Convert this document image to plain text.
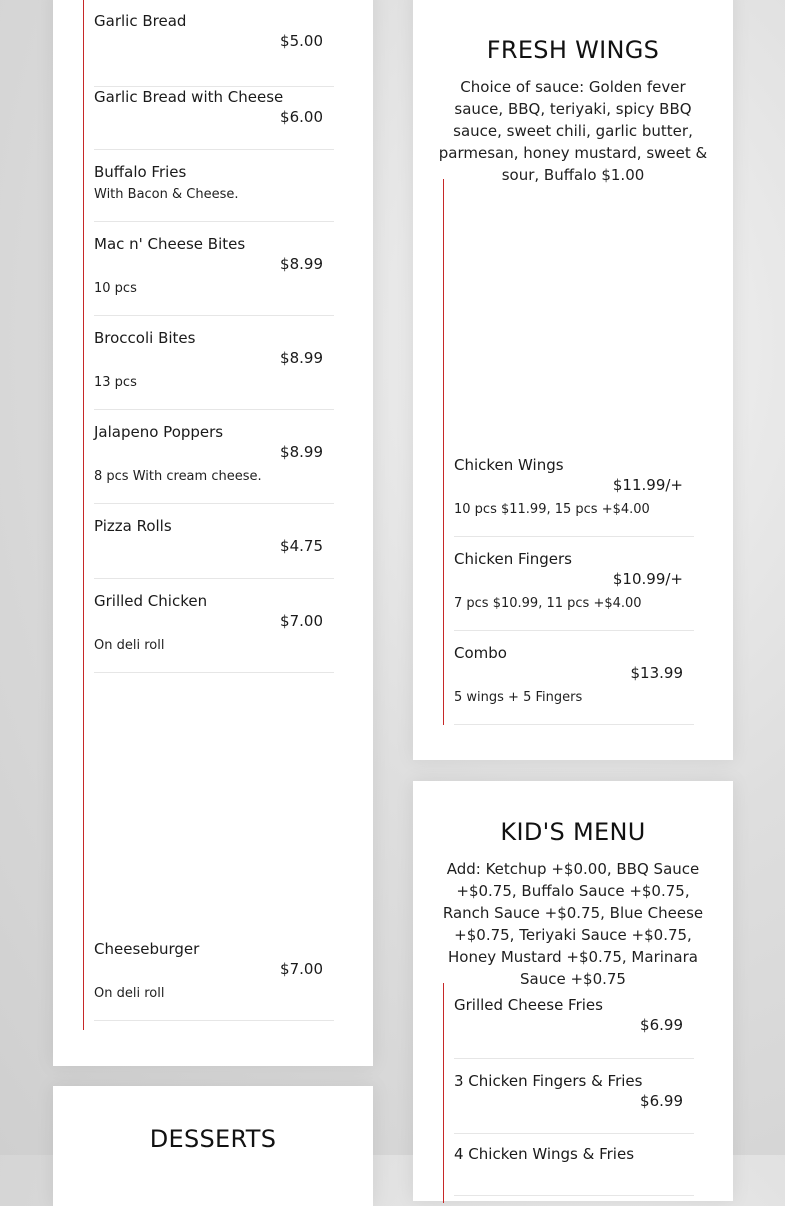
Garlic Bread
$5.00
Garlic Bread with Cheese
$6.00
Buffalo Fries
With Bacon & Cheese.
Mac n' Cheese Bites
$8.99
10 pcs
Broccoli Bites
$8.99
13 pcs
Jalapeno Poppers
$8.99
8 pcs With cream cheese.
Pizza Rolls
$4.75
Grilled Chicken
$7.00
On deli roll
Cheeseburger
$7.00
On deli roll
FRESH WINGS
Choice of sauce: Golden fever sauce, BBQ, teriyaki, spicy BBQ sauce, sweet chili, garlic butter, parmesan, honey mustard, sweet & sour, Buffalo $1.00
Chicken Wings
$11.99/+
10 pcs $11.99, 15 pcs +$4.00
Chicken Fingers
$10.99/+
7 pcs $10.99, 11 pcs +$4.00
Combo
$13.99
5 wings + 5 Fingers
KID'S MENU
Add: Ketchup +$0.00, BBQ Sauce +$0.75, Buffalo Sauce +$0.75, Ranch Sauce +$0.75, Blue Cheese +$0.75, Teriyaki Sauce +$0.75, Honey Mustard +$0.75, Marinara Sauce +$0.75
Grilled Cheese Fries
$6.99
3 Chicken Fingers & Fries
$6.99
4 Chicken Wings & Fries
DESSERTS
